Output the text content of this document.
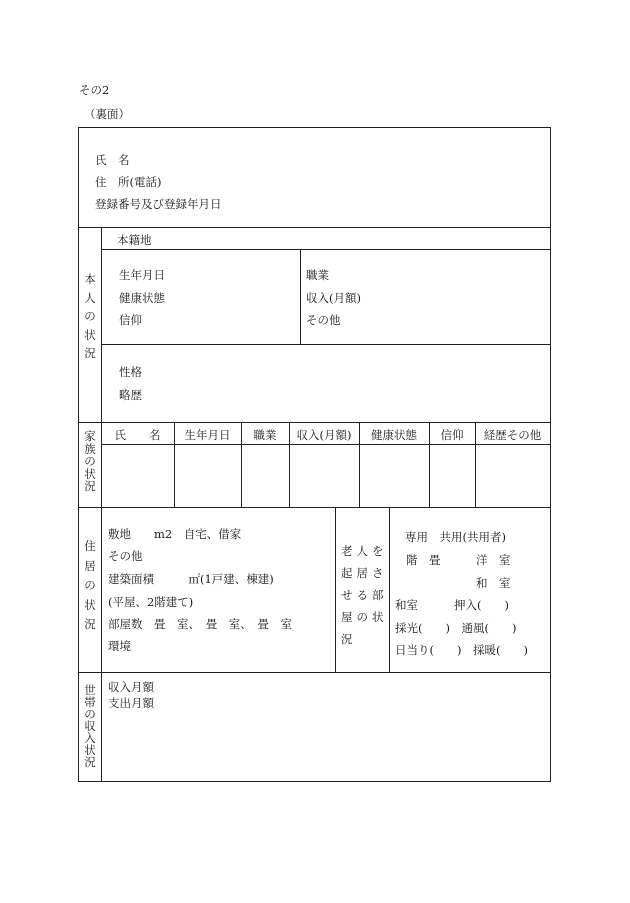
その2
（裏面）
氏　名
住　所(電話)
登録番号及び登録年月日
本
人
の
状
況
本籍地
生年月日
健康状態
信仰
職業
収入(月額)
その他
性格
略歴
家
族
の
状
況
氏　　名	生年月日	職業	収入(月額)	健康状態	信仰	経歴その他
住
居
の
状
況
敷地　　m2　自宅、借家
その他
建築面積　　　㎡(1戸建、棟建)
(平屋、2階建て)
部屋数　畳　室、　畳　室、　畳　室
環境
老人を
起居さ
せる部
屋の状
況
専用　共用(共用者)
階　畳	洋　室
和　室
和室	押入(　　)
採光(　　)　通風(　　)
日当り(　　)　採暖(　　)
世
帯
の
収
入
状
況
収入月額
支出月額
